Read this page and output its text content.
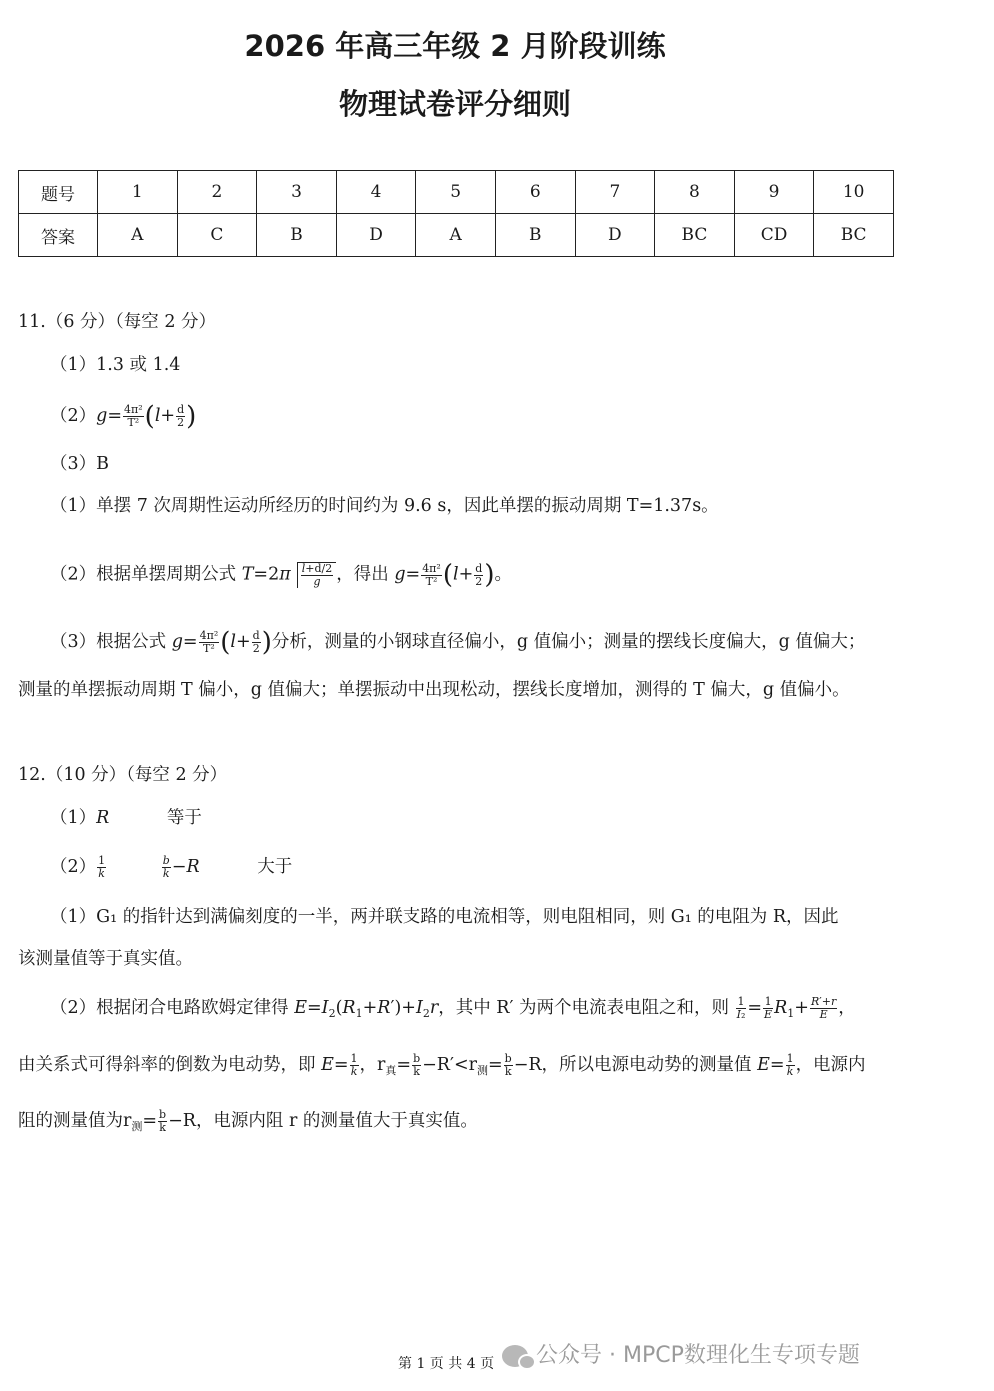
2026 年高三年级 2 月阶段训练
物理试卷评分细则
题号	1	2	3	4	5	6	7	8	9	10
答案	A	C	B	D	A	B	D	BC	CD	BC
11.（6 分）（每空 2 分）
（1）1.3 或 1.4
$(2)g= \frac{\text{4π²}}{\text{T²}} (l+ \frac{d}{2}$ )
（3）B
（1）单摆 7 次周期性运动所经历的时间约为 9.6 s，因此单摆的振动周期 T=1.37s。
（2）根据单摆周期公式 $T=2\pi \frac{l+d/2}{g}$ ，得出 $g= \frac{\text{4π²}}{\text{T²}} (l+ \frac{d}{2}$ )。
（3）根据公式 $g= \frac{\text{4π²}}{\text{T²}} (l+ \frac{d}{2}$ )分析，测量的小钢球直径偏小，g 值偏小；测量的摆线长度偏大，g 值偏大；
测量的单摆振动周期 T 偏小，g 值偏大；单摆振动中出现松动，摆线长度增加，测得的 T 偏大，g 值偏小。
12.（10 分）（每空 2 分）
（1）R	等于
$(2) \frac{1}{k}$
	$\frac{b}{k} -R$	大于
（1）G₁ 的指针达到满偏刻度的一半，两并联支路的电流相等，则电阻相同，则 G₁ 的电阻为 R，因此
该测量值等于真实值。
（2）根据闭合电路欧姆定律得 $E=I_2(R_1+R')+I_2r$，其中 R′ 为两个电流表电阻之和，则 $\frac{1}{\text{I₂}} = \frac{1}{E} R_1+ \frac{R'+r}{E}$ ，
由关系式可得斜率的倒数为电动势，即 $E= \frac{1}{k}$ ，$r_真= \frac{b}{k} -R'<r_测= \frac{b}{k} -R$，所以电源电动势的测量值 $E= \frac{1}{k}$ ，电源内
阻的测量值为$r_测= \frac{b}{k} -R$，电源内阻 r 的测量值大于真实值。
第 1 页 共 4 页	公众号 · MPCP数理化生专项专题
